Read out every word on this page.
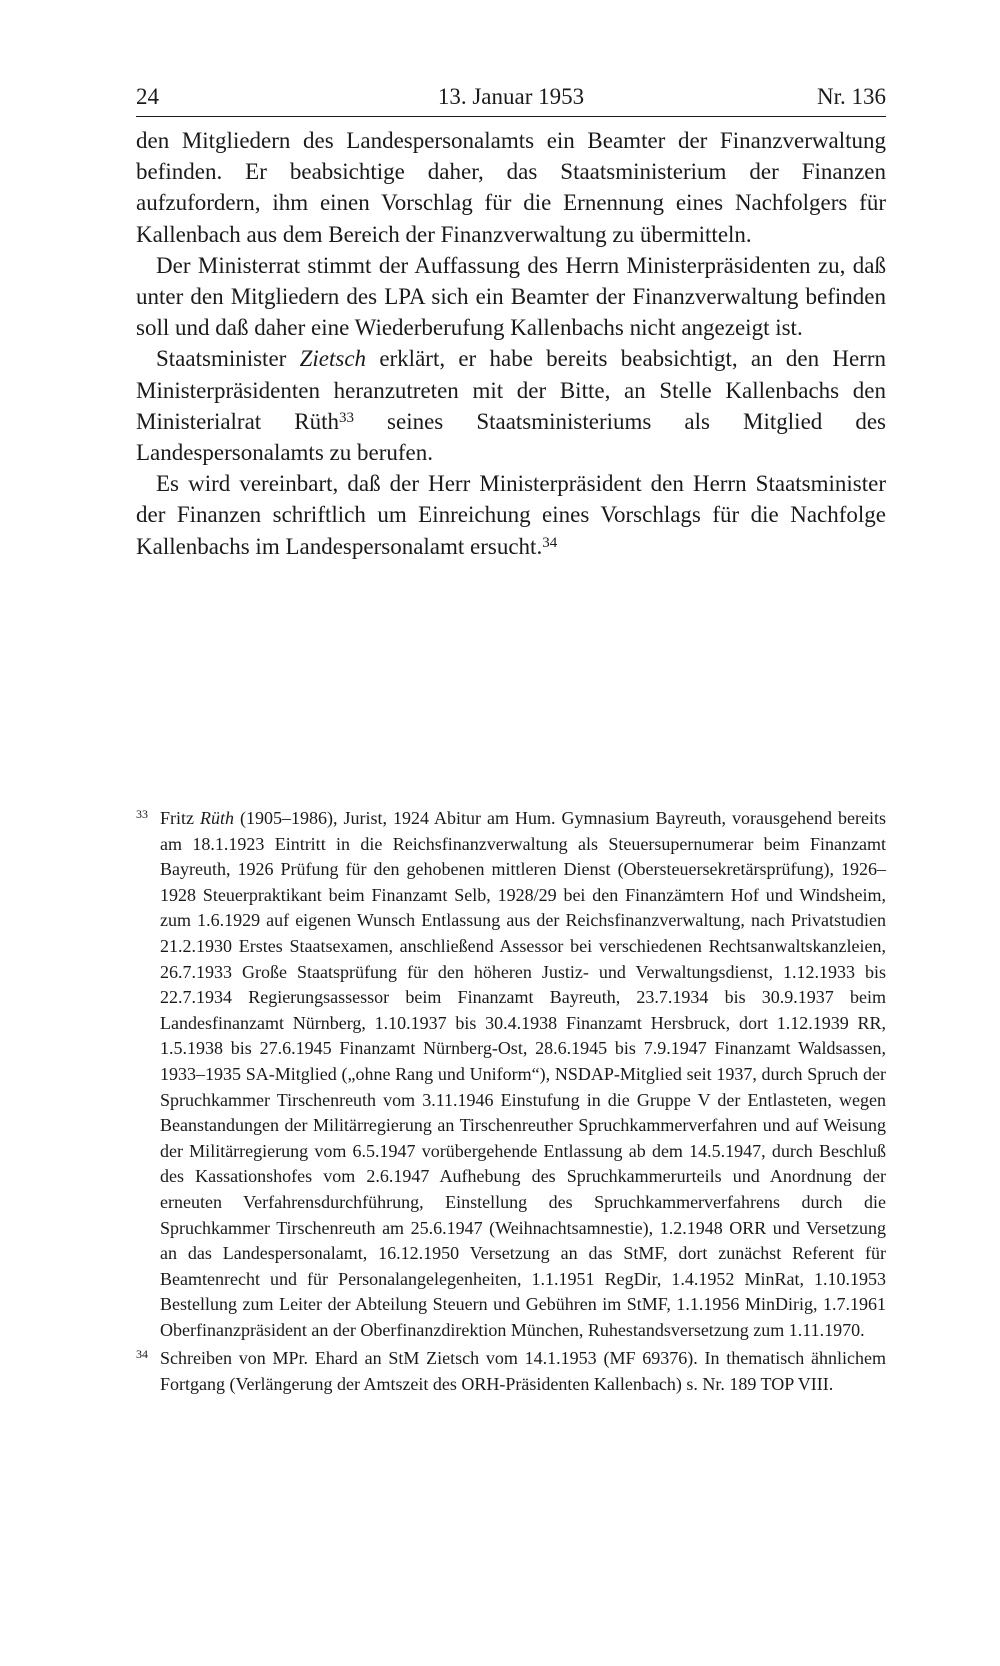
24	13. Januar 1953	Nr. 136

den Mitgliedern des Landespersonalamts ein Beamter der Finanzverwaltung befinden. Er beabsichtige daher, das Staatsministerium der Finanzen aufzufordern, ihm einen Vorschlag für die Ernennung eines Nachfolgers für Kallenbach aus dem Bereich der Finanzverwaltung zu übermitteln.

Der Ministerrat stimmt der Auffassung des Herrn Ministerpräsidenten zu, daß unter den Mitgliedern des LPA sich ein Beamter der Finanzverwaltung befinden soll und daß daher eine Wiederberufung Kallenbachs nicht angezeigt ist.

Staatsminister Zietsch erklärt, er habe bereits beabsichtigt, an den Herrn Ministerpräsidenten heranzutreten mit der Bitte, an Stelle Kallenbachs den Ministerialrat Rüth$^{33}$ seines Staatsministeriums als Mitglied des Landespersonalamts zu berufen.

Es wird vereinbart, daß der Herr Ministerpräsident den Herrn Staatsminister der Finanzen schriftlich um Einreichung eines Vorschlags für die Nachfolge Kallenbachs im Landespersonalamt ersucht.$^{34}$

33 Fritz Rüth (1905–1986), Jurist, 1924 Abitur am Hum. Gymnasium Bayreuth, vorausgehend bereits am 18.1.1923 Eintritt in die Reichsfinanzverwaltung als Steuersupernumerar beim Finanzamt Bayreuth, 1926 Prüfung für den gehobenen mittleren Dienst (Obersteuersekretärsprüfung), 1926–1928 Steuerpraktikant beim Finanzamt Selb, 1928/29 bei den Finanzämtern Hof und Windsheim, zum 1.6.1929 auf eigenen Wunsch Entlassung aus der Reichsfinanzverwaltung, nach Privatstudien 21.2.1930 Erstes Staatsexamen, anschließend Assessor bei verschiedenen Rechtsanwaltskanzleien, 26.7.1933 Große Staatsprüfung für den höheren Justiz- und Verwaltungsdienst, 1.12.1933 bis 22.7.1934 Regierungsassessor beim Finanzamt Bayreuth, 23.7.1934 bis 30.9.1937 beim Landesfinanzamt Nürnberg, 1.10.1937 bis 30.4.1938 Finanzamt Hersbruck, dort 1.12.1939 RR, 1.5.1938 bis 27.6.1945 Finanzamt Nürnberg-Ost, 28.6.1945 bis 7.9.1947 Finanzamt Waldsassen, 1933–1935 SA-Mitglied („ohne Rang und Uniform“), NSDAP-Mitglied seit 1937, durch Spruch der Spruchkammer Tirschenreuth vom 3.11.1946 Einstufung in die Gruppe V der Entlasteten, wegen Beanstandungen der Militärregierung an Tirschenreuther Spruchkammerverfahren und auf Weisung der Militärregierung vom 6.5.1947 vorübergehende Entlassung ab dem 14.5.1947, durch Beschluß des Kassationshofes vom 2.6.1947 Aufhebung des Spruchkammerurteils und Anordnung der erneuten Verfahrensdurchführung, Einstellung des Spruchkammerverfahrens durch die Spruchkammer Tirschenreuth am 25.6.1947 (Weihnachtsamnestie), 1.2.1948 ORR und Versetzung an das Landespersonalamt, 16.12.1950 Versetzung an das StMF, dort zunächst Referent für Beamtenrecht und für Personalangelegenheiten, 1.1.1951 RegDir, 1.4.1952 MinRat, 1.10.1953 Bestellung zum Leiter der Abteilung Steuern und Gebühren im StMF, 1.1.1956 MinDirig, 1.7.1961 Oberfinanzpräsident an der Oberfinanzdirektion München, Ruhestandsversetzung zum 1.11.1970.
34 Schreiben von MPr. Ehard an StM Zietsch vom 14.1.1953 (MF 69376). In thematisch ähnlichem Fortgang (Verlängerung der Amtszeit des ORH-Präsidenten Kallenbach) s. Nr. 189 TOP VIII.
